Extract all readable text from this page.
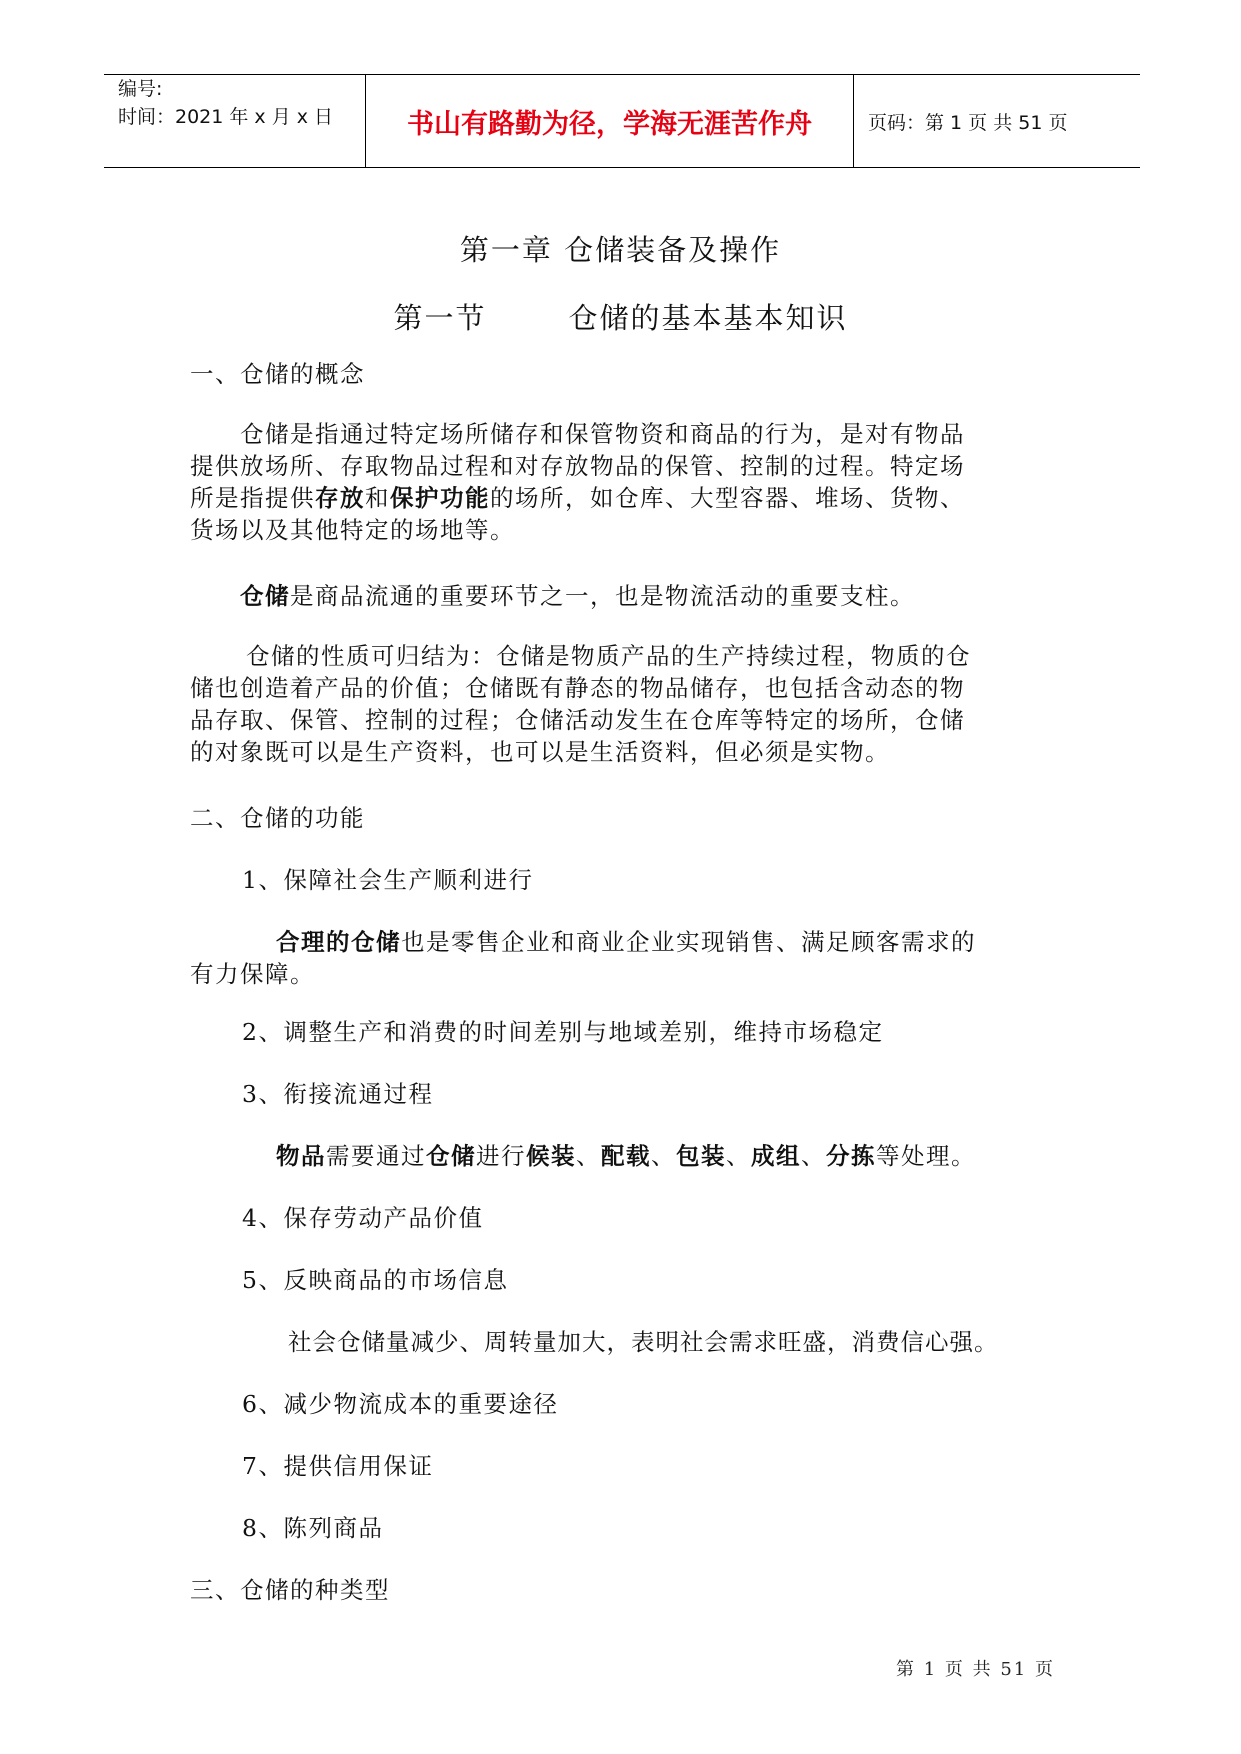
编号:
时间：2021 年 x 月 x 日	书山有路勤为径，学海无涯苦作舟	页码：第 1 页 共 51 页
第一章 仓储装备及操作
第一节	仓储的基本基本知识
一、仓储的概念
仓储是指通过特定场所储存和保管物资和商品的行为，是对有物品
提供放场所、存取物品过程和对存放物品的保管、控制的过程。特定场
所是指提供存放和保护功能的场所，如仓库、大型容器、堆场、货物、
货场以及其他特定的场地等。
仓储是商品流通的重要环节之一，也是物流活动的重要支柱。
仓储的性质可归结为：仓储是物质产品的生产持续过程，物质的仓
储也创造着产品的价值；仓储既有静态的物品储存，也包括含动态的物
品存取、保管、控制的过程；仓储活动发生在仓库等特定的场所，仓储
的对象既可以是生产资料，也可以是生活资料，但必须是实物。
二、仓储的功能
1、保障社会生产顺利进行
合理的仓储也是零售企业和商业企业实现销售、满足顾客需求的
有力保障。
2、调整生产和消费的时间差别与地域差别，维持市场稳定
3、衔接流通过程
物品需要通过仓储进行候装、配载、包装、成组、分拣等处理。
4、保存劳动产品价值
5、反映商品的市场信息
社会仓储量减少、周转量加大，表明社会需求旺盛，消费信心强。
6、减少物流成本的重要途径
7、提供信用保证
8、陈列商品
三、仓储的种类型
第 1 页 共 51 页
